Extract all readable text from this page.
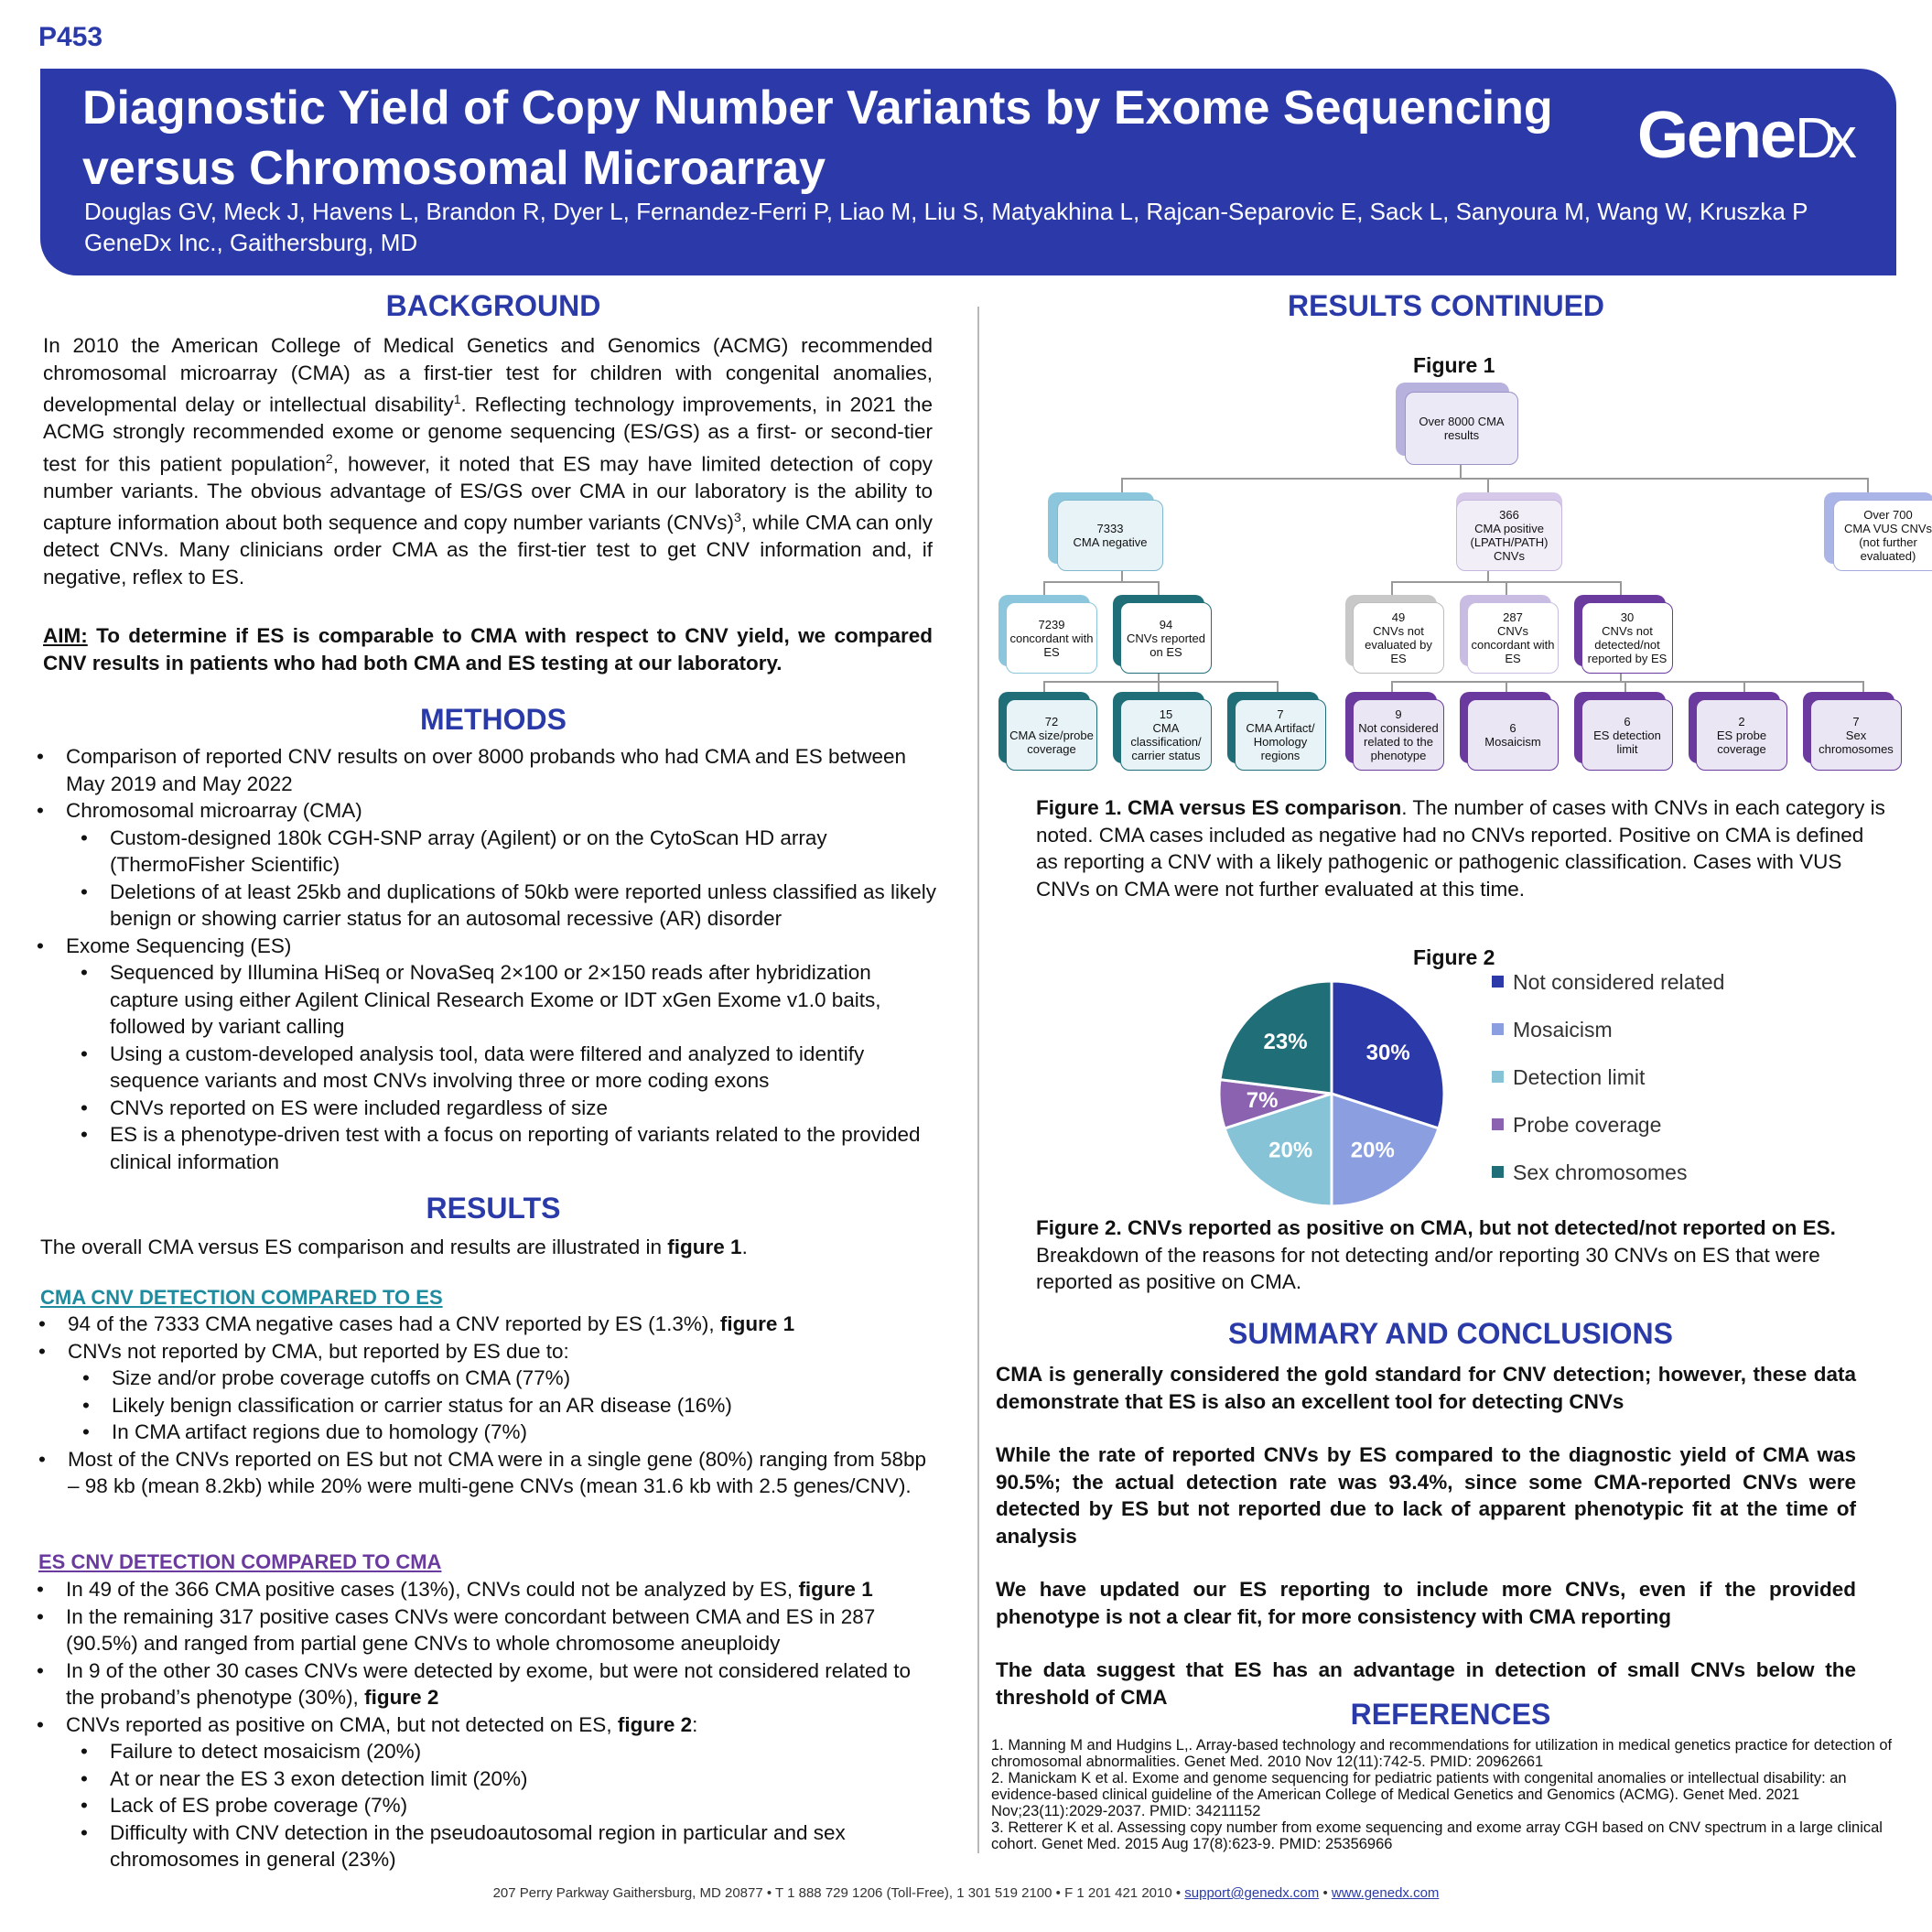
P453
Diagnostic Yield of Copy Number Variants by Exome Sequencing versus Chromosomal Microarray
Douglas GV, Meck J, Havens L, Brandon R, Dyer L, Fernandez-Ferri P, Liao M, Liu S, Matyakhina L, Rajcan-Separovic E, Sack L, Sanyoura M, Wang W, Kruszka P
GeneDx Inc., Gaithersburg, MD
GeneDx
BACKGROUND
In 2010 the American College of Medical Genetics and Genomics (ACMG) recommended chromosomal microarray (CMA) as a first-tier test for children with congenital anomalies, developmental delay or intellectual disability$^1$. Reflecting technology improvements, in 2021 the ACMG strongly recommended exome or genome sequencing (ES/GS) as a first- or second-tier test for this patient population$^2$, however, it noted that ES may have limited detection of copy number variants. The obvious advantage of ES/GS over CMA in our laboratory is the ability to capture information about both sequence and copy number variants (CNVs)$^3$, while CMA can only detect CNVs. Many clinicians order CMA as the first-tier test to get CNV information and, if negative, reflex to ES.
AIM: To determine if ES is comparable to CMA with respect to CNV yield, we compared CNV results in patients who had both CMA and ES testing at our laboratory.
METHODS
• Comparison of reported CNV results on over 8000 probands who had CMA and ES between May 2019 and May 2022
• Chromosomal microarray (CMA)
• Custom-designed 180k CGH-SNP array (Agilent) or on the CytoScan HD array (ThermoFisher Scientific)
• Deletions of at least 25kb and duplications of 50kb were reported unless classified as likely benign or showing carrier status for an autosomal recessive (AR) disorder
• Exome Sequencing (ES)
• Sequenced by Illumina HiSeq or NovaSeq 2×100 or 2×150 reads after hybridization capture using either Agilent Clinical Research Exome or IDT xGen Exome v1.0 baits, followed by variant calling
• Using a custom-developed analysis tool, data were filtered and analyzed to identify sequence variants and most CNVs involving three or more coding exons
• CNVs reported on ES were included regardless of size
• ES is a phenotype-driven test with a focus on reporting of variants related to the provided clinical information
RESULTS
The overall CMA versus ES comparison and results are illustrated in figure 1.
CMA CNV DETECTION COMPARED TO ES
• 94 of the 7333 CMA negative cases had a CNV reported by ES (1.3%), figure 1
• CNVs not reported by CMA, but reported by ES due to:
• Size and/or probe coverage cutoffs on CMA (77%)
• Likely benign classification or carrier status for an AR disease (16%)
• In CMA artifact regions due to homology (7%)
• Most of the CNVs reported on ES but not CMA were in a single gene (80%) ranging from 58bp – 98 kb (mean 8.2kb) while 20% were multi-gene CNVs (mean 31.6 kb with 2.5 genes/CNV).
ES CNV DETECTION COMPARED TO CMA
• In 49 of the 366 CMA positive cases (13%), CNVs could not be analyzed by ES, figure 1
• In the remaining 317 positive cases CNVs were concordant between CMA and ES in 287 (90.5%) and ranged from partial gene CNVs to whole chromosome aneuploidy
• In 9 of the other 30 cases CNVs were detected by exome, but were not considered related to the proband’s phenotype (30%), figure 2
• CNVs reported as positive on CMA, but not detected on ES, figure 2:
• Failure to detect mosaicism (20%)
• At or near the ES 3 exon detection limit (20%)
• Lack of ES probe coverage (7%)
• Difficulty with CNV detection in the pseudoautosomal region in particular and sex chromosomes in general (23%)
RESULTS CONTINUED
Figure 1
Over 8000 CMA results
7333
CMA negative
366
CMA positive (LPATH/PATH) CNVs
Over 700
CMA VUS CNVs (not further evaluated)
7239
concordant with ES
94
CNVs reported on ES
49
CNVs not evaluated by ES
287
CNVs concordant with ES
30
CNVs not detected/not reported by ES
72
CMA size/probe coverage
15
CMA classification/ carrier status
7
CMA Artifact/ Homology regions
9
Not considered related to the phenotype
6
Mosaicism
6
ES detection limit
2
ES probe coverage
7
Sex chromosomes
Figure 1. CMA versus ES comparison. The number of cases with CNVs in each category is noted. CMA cases included as negative had no CNVs reported. Positive on CMA is defined as reporting a CNV with a likely pathogenic or pathogenic classification. Cases with VUS CNVs on CMA were not further evaluated at this time.
Figure 2
30%
20%
20%
7%
23%
Not considered related
Mosaicism
Detection limit
Probe coverage
Sex chromosomes
Figure 2. CNVs reported as positive on CMA, but not detected/not reported on ES. Breakdown of the reasons for not detecting and/or reporting 30 CNVs on ES that were reported as positive on CMA.
SUMMARY AND CONCLUSIONS
CMA is generally considered the gold standard for CNV detection; however, these data demonstrate that ES is also an excellent tool for detecting CNVs
While the rate of reported CNVs by ES compared to the diagnostic yield of CMA was 90.5%; the actual detection rate was 93.4%, since some CMA-reported CNVs were detected by ES but not reported due to lack of apparent phenotypic fit at the time of analysis
We have updated our ES reporting to include more CNVs, even if the provided phenotype is not a clear fit, for more consistency with CMA reporting
The data suggest that ES has an advantage in detection of small CNVs below the threshold of CMA
REFERENCES
1. Manning M and Hudgins L,. Array-based technology and recommendations for utilization in medical genetics practice for detection of chromosomal abnormalities. Genet Med. 2010 Nov 12(11):742-5. PMID: 20962661
2. Manickam K et al. Exome and genome sequencing for pediatric patients with congenital anomalies or intellectual disability: an evidence-based clinical guideline of the American College of Medical Genetics and Genomics (ACMG). Genet Med. 2021 Nov;23(11):2029-2037. PMID: 34211152
3. Retterer K et al. Assessing copy number from exome sequencing and exome array CGH based on CNV spectrum in a large clinical cohort. Genet Med. 2015 Aug 17(8):623-9. PMID: 25356966
207 Perry Parkway Gaithersburg, MD 20877 • T 1 888 729 1206 (Toll-Free), 1 301 519 2100 • F 1 201 421 2010 • support@genedx.com • www.genedx.com
